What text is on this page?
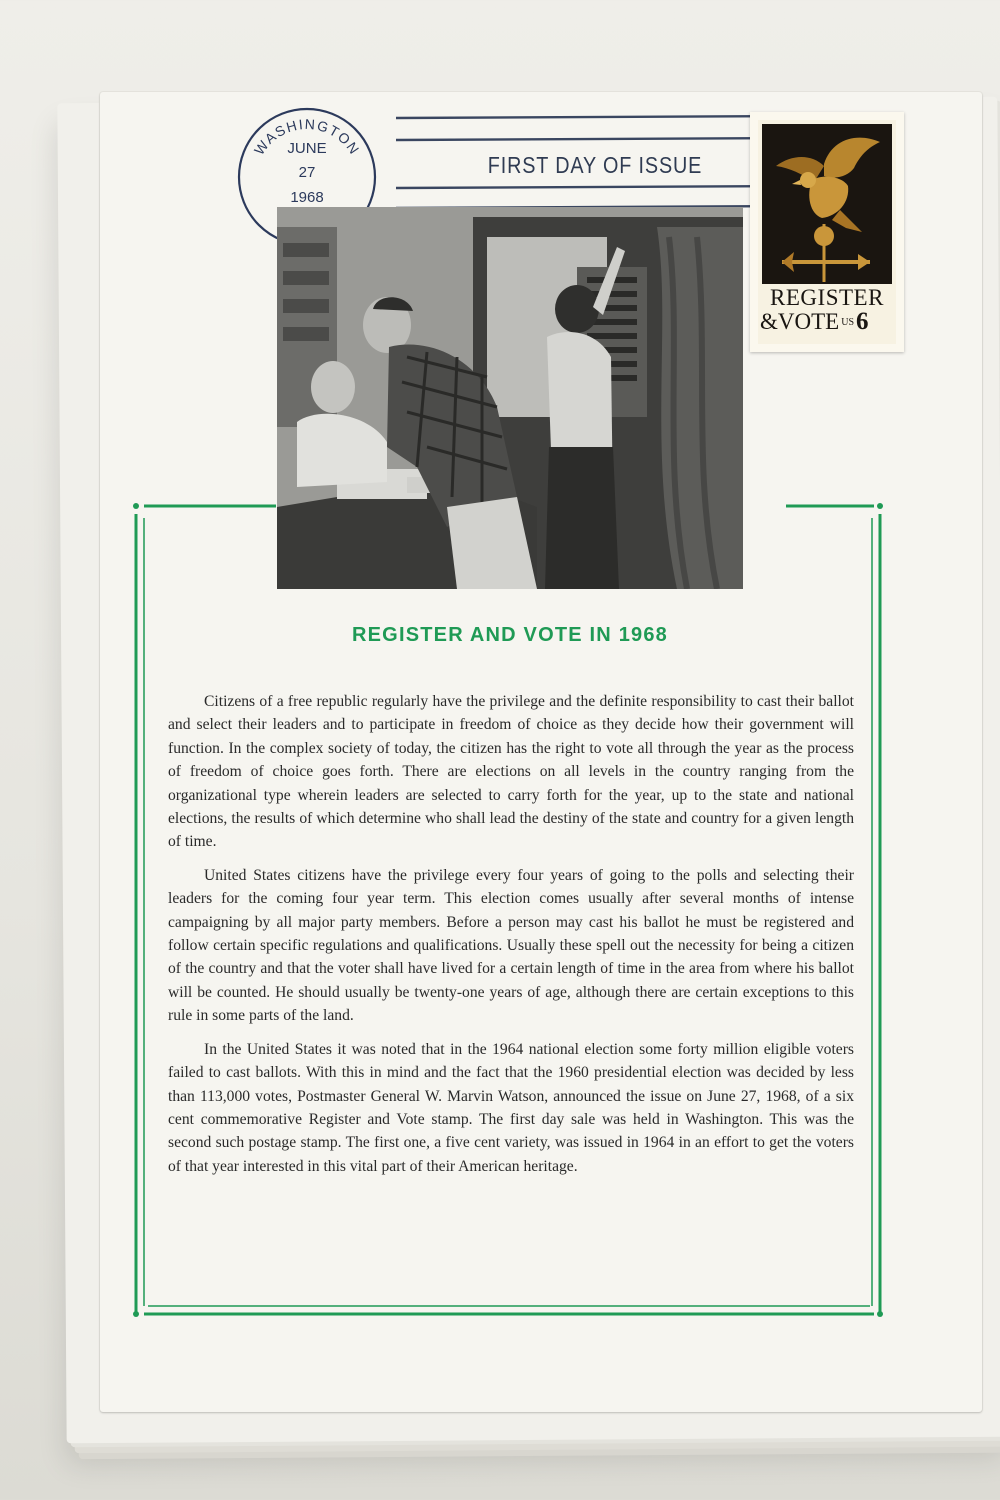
WASHINGTON
JUNE
27
1968
FIRST DAY OF ISSUE
REGISTER
&VOTE US6
REGISTER AND VOTE IN 1968

Citizens of a free republic regularly have the privilege and the definite responsibility to cast their ballot and select their leaders and to participate in freedom of choice as they decide how their government will function. In the complex society of today, the citizen has the right to vote all through the year as the process of freedom of choice goes forth. There are elections on all levels in the country ranging from the organizational type wherein leaders are selected to carry forth for the year, up to the state and national elections, the results of which determine who shall lead the destiny of the state and country for a given length of time.

United States citizens have the privilege every four years of going to the polls and selecting their leaders for the coming four year term. This election comes usually after several months of intense campaigning by all major party members. Before a person may cast his ballot he must be registered and follow certain specific regulations and qualifications. Usually these spell out the necessity for being a citizen of the country and that the voter shall have lived for a certain length of time in the area from where his ballot will be counted. He should usually be twenty-one years of age, although there are certain exceptions to this rule in some parts of the land.

In the United States it was noted that in the 1964 national election some forty million eligible voters failed to cast ballots. With this in mind and the fact that the 1960 presidential election was decided by less than 113,000 votes, Postmaster General W. Marvin Watson, announced the issue on June 27, 1968, of a six cent commemorative Register and Vote stamp. The first day sale was held in Washington. This was the second such postage stamp. The first one, a five cent variety, was issued in 1964 in an effort to get the voters of that year interested in this vital part of their American heritage.
